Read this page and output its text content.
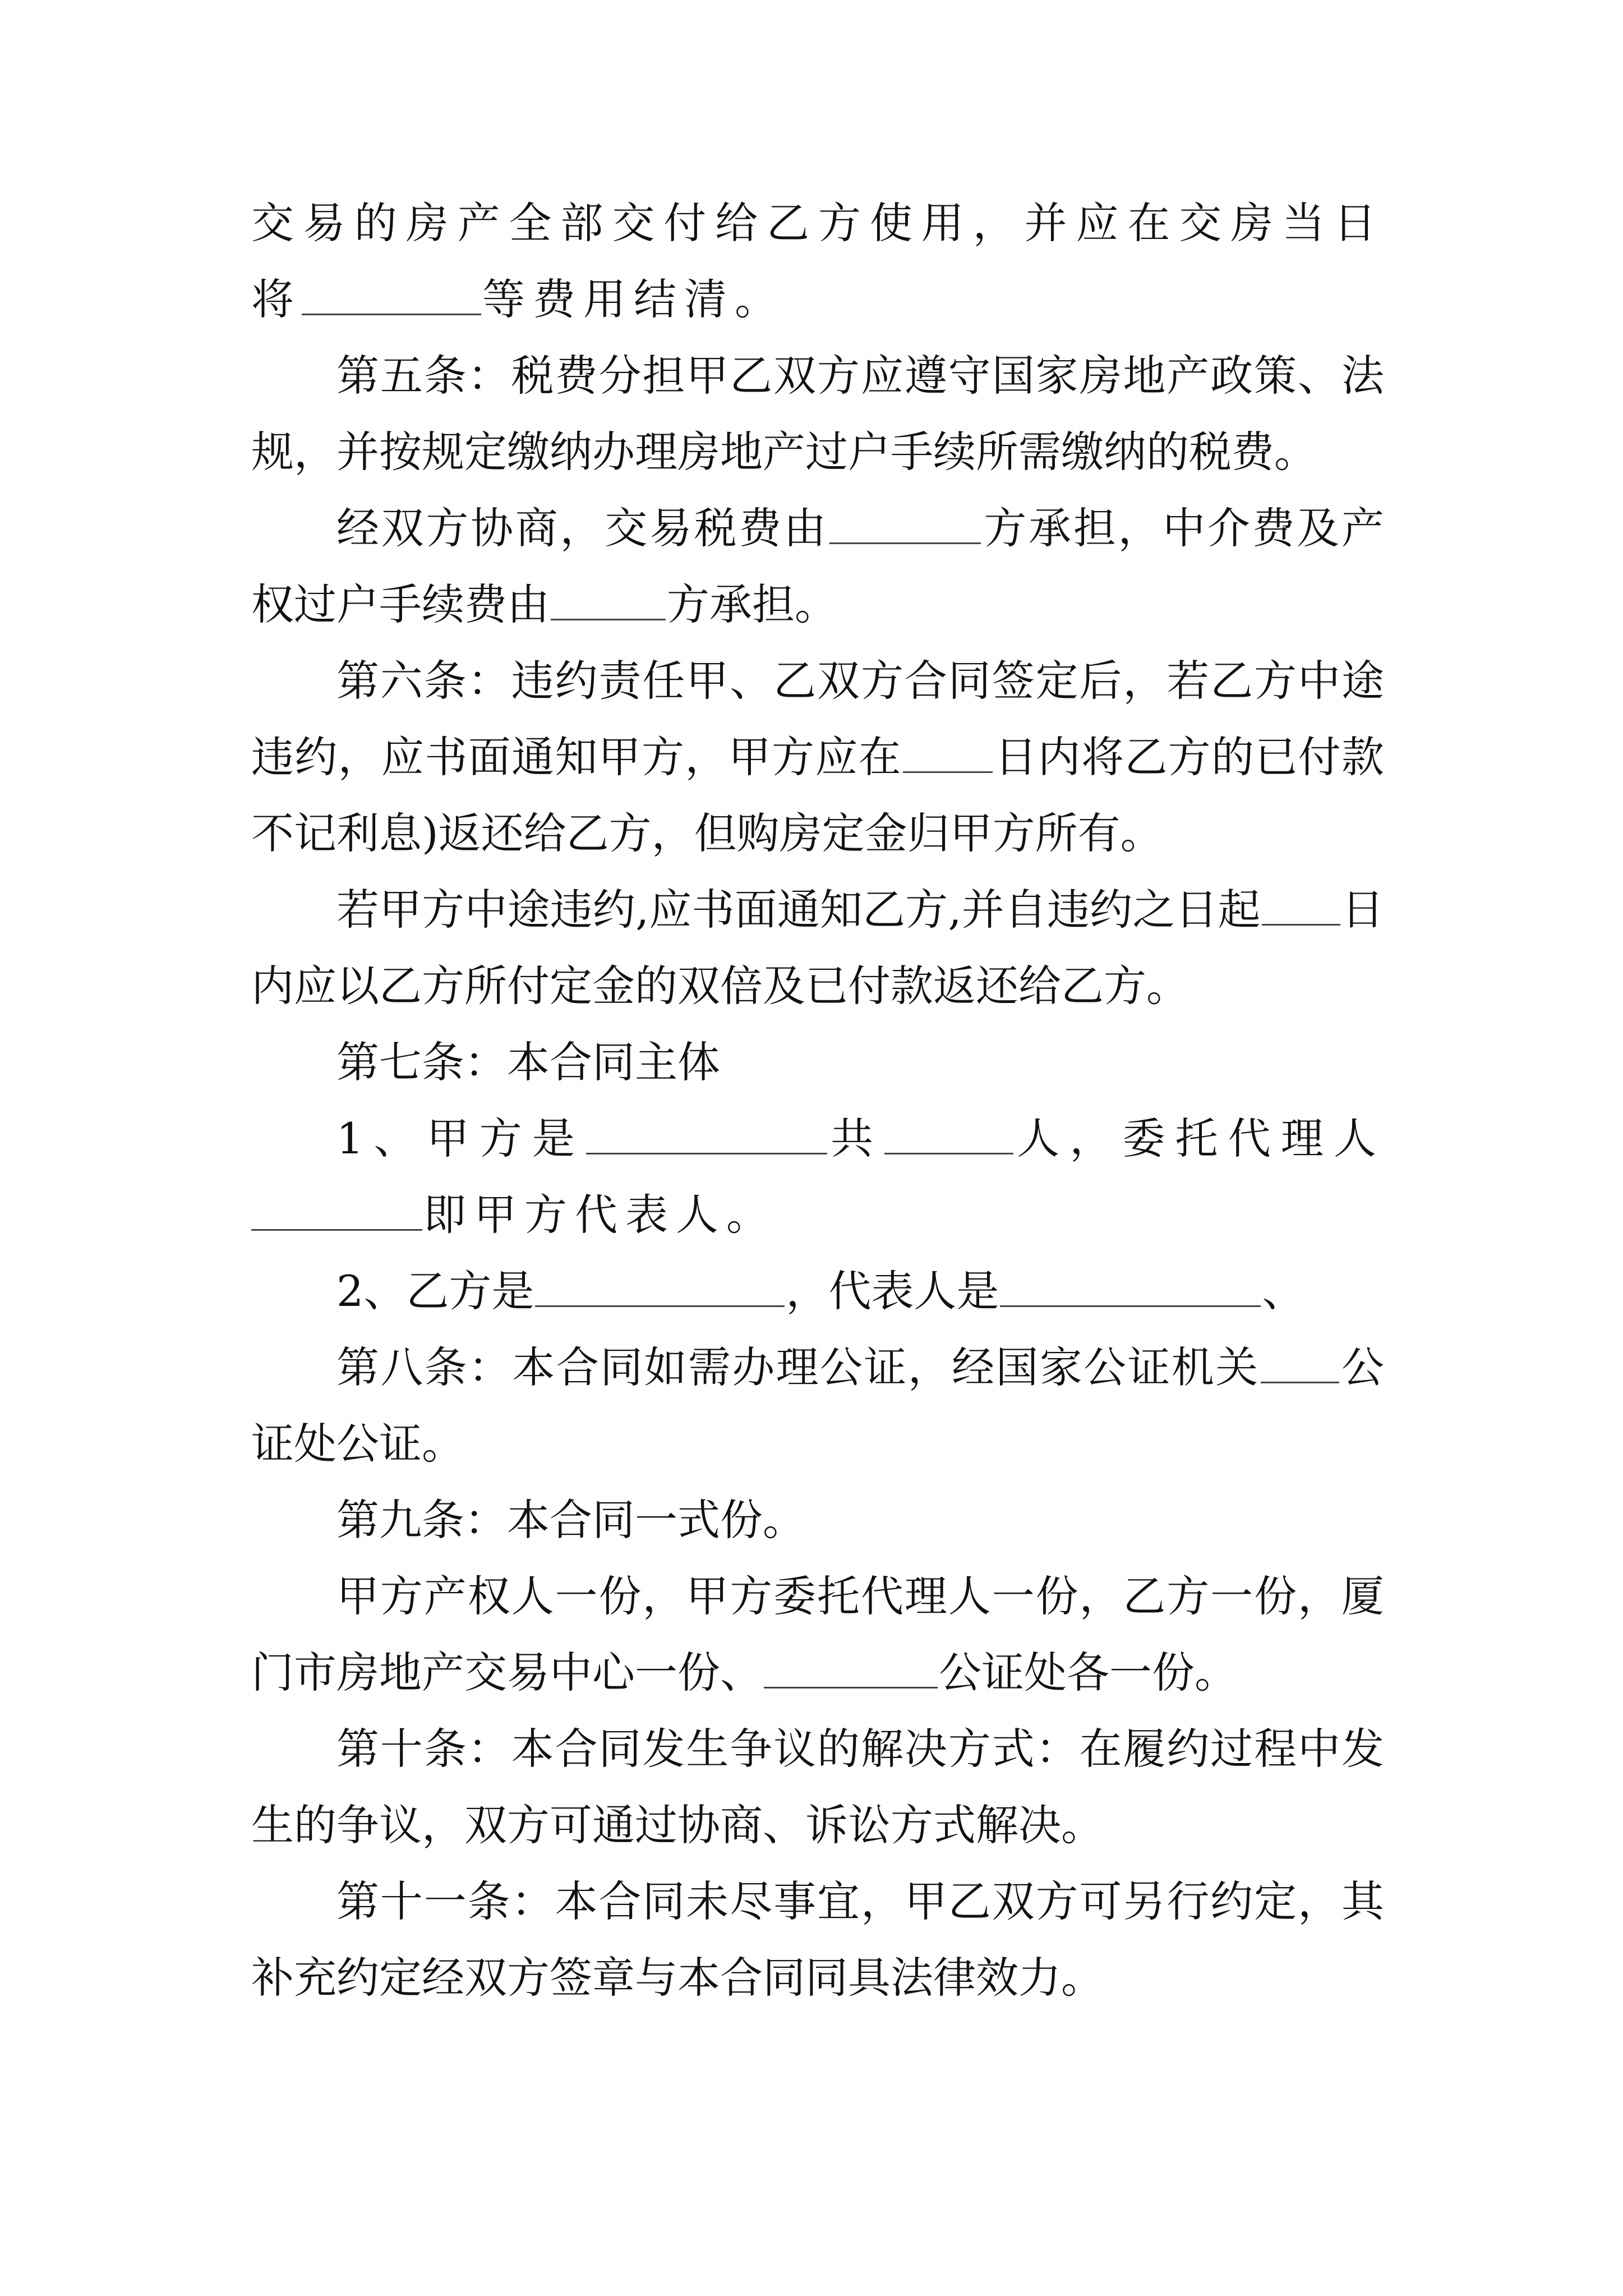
交易的房产全部交付给乙方使用，并应在交房当日将	等费用结清。

第五条：税费分担甲乙双方应遵守国家房地产政策、法规，并按规定缴纳办理房地产过户手续所需缴纳的税费。

经双方协商，交易税费由	方承担，中介费及产权过户手续费由	方承担。

第六条：违约责任甲、乙双方合同签定后，若乙方中途违约，应书面通知甲方，甲方应在 日内将乙方的已付款不记利息)返还给乙方，但购房定金归甲方所有。

若甲方中途违约,应书面通知乙方,并自违约之日起 日内应以乙方所付定金的双倍及已付款返还给乙方。

第七条：本合同主体

1、甲方是	共	人，委托代理人即甲方代表人。

2、乙方是	，代表人是	、

第八条：本合同如需办理公证，经国家公证机关 公证处公证。

第九条：本合同一式份。

甲方产权人一份，甲方委托代理人一份，乙方一份，厦门市房地产交易中心一份、	公证处各一份。

第十条：本合同发生争议的解决方式：在履约过程中发生的争议，双方可通过协商、诉讼方式解决。

第十一条：本合同未尽事宜，甲乙双方可另行约定，其补充约定经双方签章与本合同同具法律效力。
